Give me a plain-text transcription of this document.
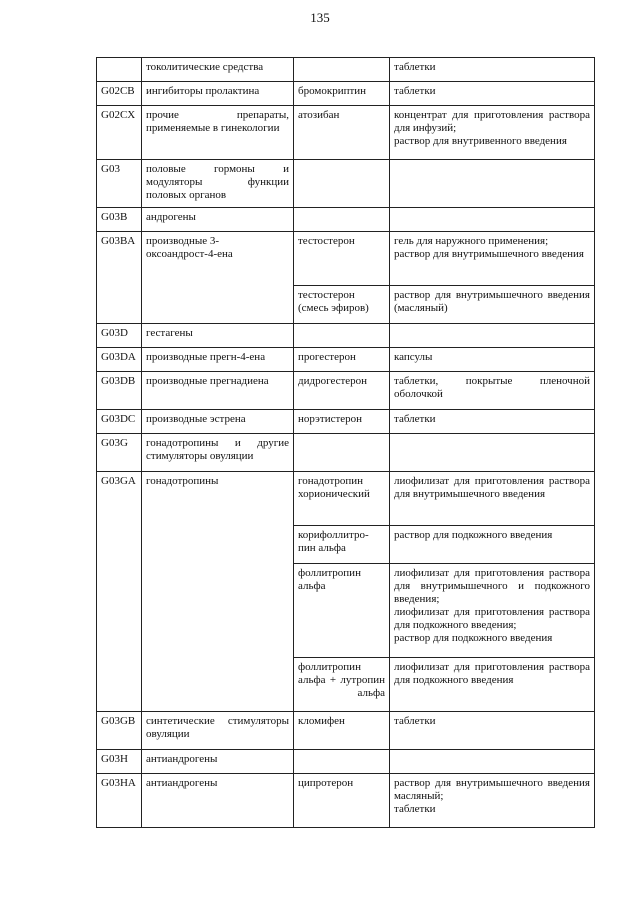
135
	токолитические средства		таблетки
G02CB	ингибиторы пролактина	бромокриптин	таблетки
G02CX	прочие препараты, применяемые в гинекологии	атозибан	концентрат для приготовления раствора для инфузий;
раствор для внутривенного введения

G03	половые гормоны и модуляторы функции половых органов		
G03B	андрогены		
G03BA	производные 3-оксоандрост-4-ена	тестостерон	гель для наружного применения;
раствор для внутримышечного введения

		тестостерон (смесь эфиров)	раствор для внутримышечного введения (масляный)
G03D	гестагены		
G03DA	производные прегн-4-ена	прогестерон	капсулы
G03DB	производные прегнадиена	дидрогестерон	таблетки, покрытые пленочной оболочкой
G03DC	производные эстрена	норэтистерон	таблетки
G03G	гонадотропины и другие стимуляторы овуляции		
G03GA	гонадотропины	гонадотропин хорионический	лиофилизат для приготовления раствора для внутримышечного введения
		корифоллитро-пин альфа	раствор для подкожного введения
		фоллитропин альфа	лиофилизат для приготовления раствора для внутримышечного и подкожного введения;
лиофилизат для приготовления раствора для подкожного введения;
раствор для подкожного введения

		фоллитропин альфа + лутропин альфа	лиофилизат для приготовления раствора для подкожного введения
G03GB	синтетические стимуляторы овуляции	кломифен	таблетки
G03H	антиандрогены		
G03HA	антиандрогены	ципротерон	раствор для внутримышечного введения масляный;
таблетки
